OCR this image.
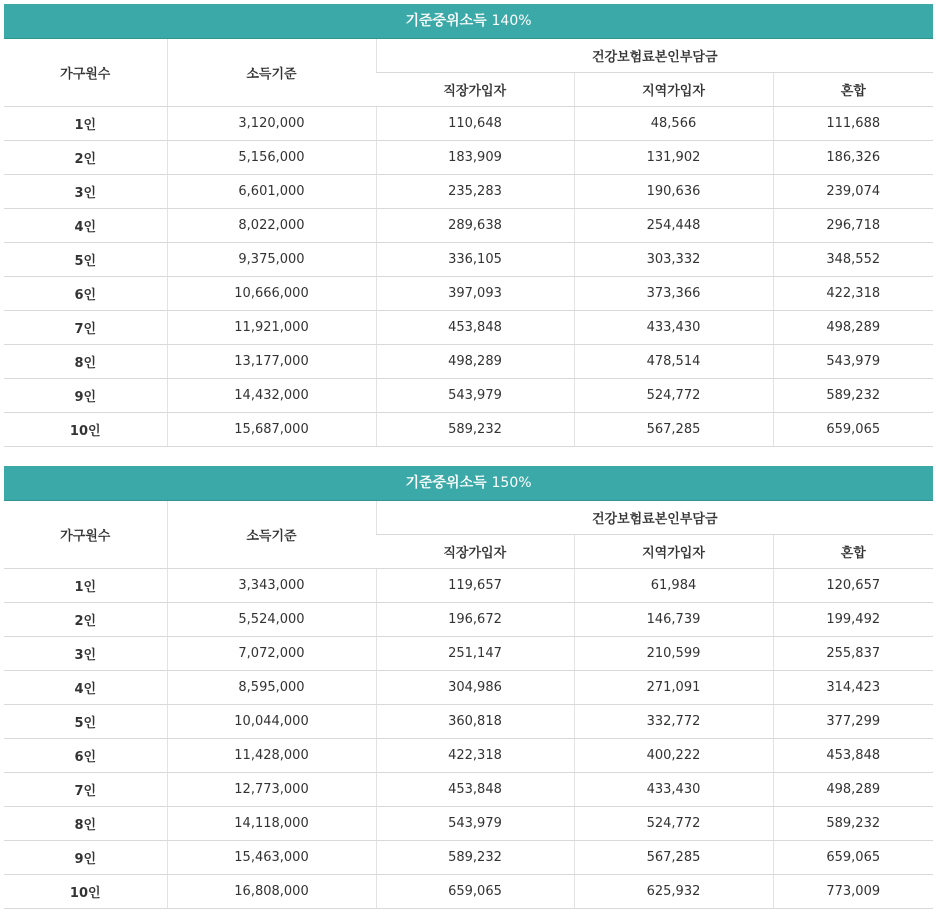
기준중위소득 140%
가구원수	소득기준	건강보험료본인부담금		
		직장가입자	지역가입자	혼합
1인	3,120,000	110,648	48,566	111,688
2인	5,156,000	183,909	131,902	186,326
3인	6,601,000	235,283	190,636	239,074
4인	8,022,000	289,638	254,448	296,718
5인	9,375,000	336,105	303,332	348,552
6인	10,666,000	397,093	373,366	422,318
7인	11,921,000	453,848	433,430	498,289
8인	13,177,000	498,289	478,514	543,979
9인	14,432,000	543,979	524,772	589,232
10인	15,687,000	589,232	567,285	659,065
기준중위소득 150%
가구원수	소득기준	건강보험료본인부담금		
		직장가입자	지역가입자	혼합
1인	3,343,000	119,657	61,984	120,657
2인	5,524,000	196,672	146,739	199,492
3인	7,072,000	251,147	210,599	255,837
4인	8,595,000	304,986	271,091	314,423
5인	10,044,000	360,818	332,772	377,299
6인	11,428,000	422,318	400,222	453,848
7인	12,773,000	453,848	433,430	498,289
8인	14,118,000	543,979	524,772	589,232
9인	15,463,000	589,232	567,285	659,065
10인	16,808,000	659,065	625,932	773,009
